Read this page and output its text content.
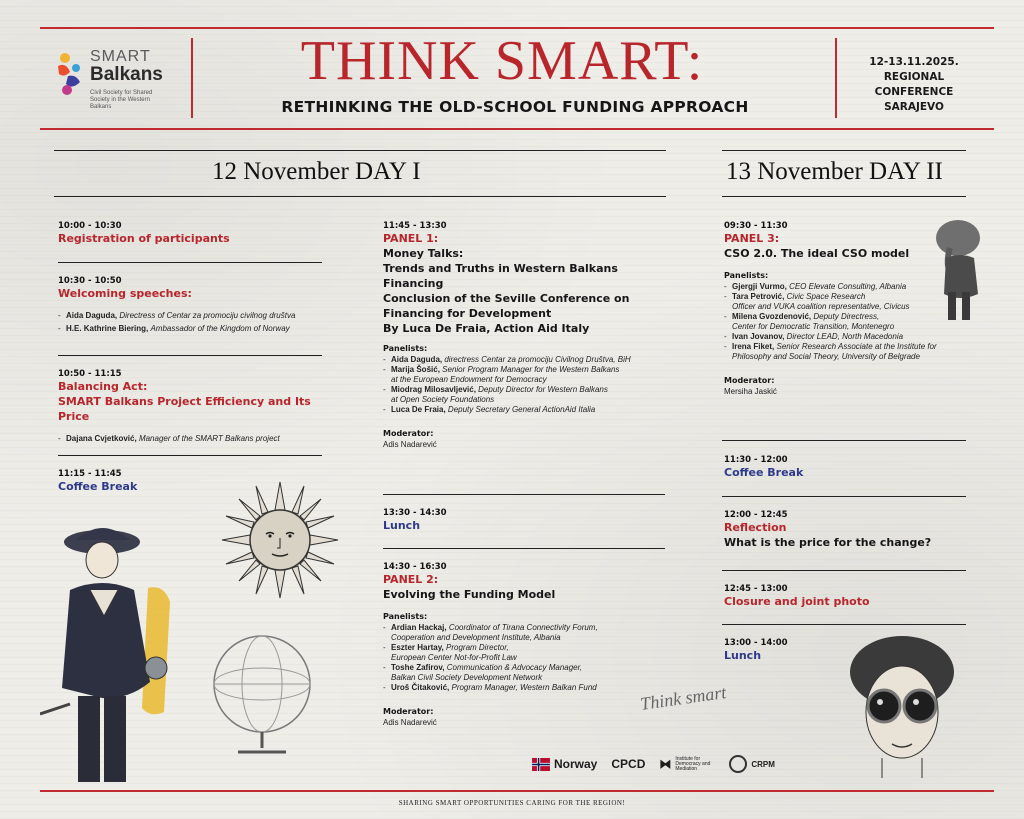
SMART
Balkans
Civil Society for Shared Society in the Western Balkans
THINK SMART:
RETHINKING THE OLD-SCHOOL FUNDING APPROACH
12-13.11.2025.
REGIONAL CONFERENCE
SARAJEVO
12 November DAY I	13 November DAY II
10:00 - 10:30
Registration of participants
10:30 - 10:50
Welcoming speeches:
- Aida Daguda, Directress of Centar za promociju civilnog društva
- H.E. Kathrine Biering, Ambassador of the Kingdom of Norway
10:50 - 11:15
Balancing Act:
SMART Balkans Project Efficiency and Its Price
- Dajana Cvjetković, Manager of the SMART Balkans project
11:15 - 11:45
Coffee Break
11:45 - 13:30
PANEL 1:
Money Talks:
Trends and Truths in Western Balkans Financing
Conclusion of the Seville Conference on
Financing for Development
By Luca De Fraia, Action Aid Italy
Panelists:
- Aida Daguda, directress Centar za promociju Civilnog Društva, BiH
- Marija Šošić, Senior Program Manager for the Western Balkans
at the European Endowment for Democracy
- Miodrag Milosavljević, Deputy Director for Western Balkans
at Open Society Foundations
- Luca De Fraia, Deputy Secretary General ActionAid Italia
Moderator:
Adis Nadarević
13:30 - 14:30
Lunch
14:30 - 16:30
PANEL 2:
Evolving the Funding Model
Panelists:
- Ardian Hackaj, Coordinator of Tirana Connectivity Forum,
Cooperation and Development Institute, Albania
- Eszter Hartay, Program Director,
European Center Not-for-Profit Law
- Toshe Zafirov, Communication & Advocacy Manager,
Balkan Civil Society Development Network
- Uroš Čitaković, Program Manager, Western Balkan Fund
Moderator:
Adis Nadarević
09:30 - 11:30
PANEL 3:
CSO 2.0. The ideal CSO model
Panelists:
- Gjergji Vurmo, CEO Elevate Consulting, Albania
- Tara Petrović, Civic Space Research
Officer and VUKA coalition representative, Civicus
- Milena Gvozdenović, Deputy Directress,
Center for Democratic Transition, Montenegro
- Ivan Jovanov, Director LEAD, North Macedonia
- Irena Fiket, Senior Research Associate at the Institute for
Philosophy and Social Theory, University of Belgrade
Moderator:
Mersiha Jaskić
11:30 - 12:00
Coffee Break
12:00 - 12:45
Reflection
What is the price for the change?
12:45 - 13:00
Closure and joint photo
13:00 - 14:00
Lunch
Think smart
Norway CPCD ⧓ Institute for Democracy and Mediation	CRPM
SHARING SMART OPPORTUNITIES CARING FOR THE REGION!
